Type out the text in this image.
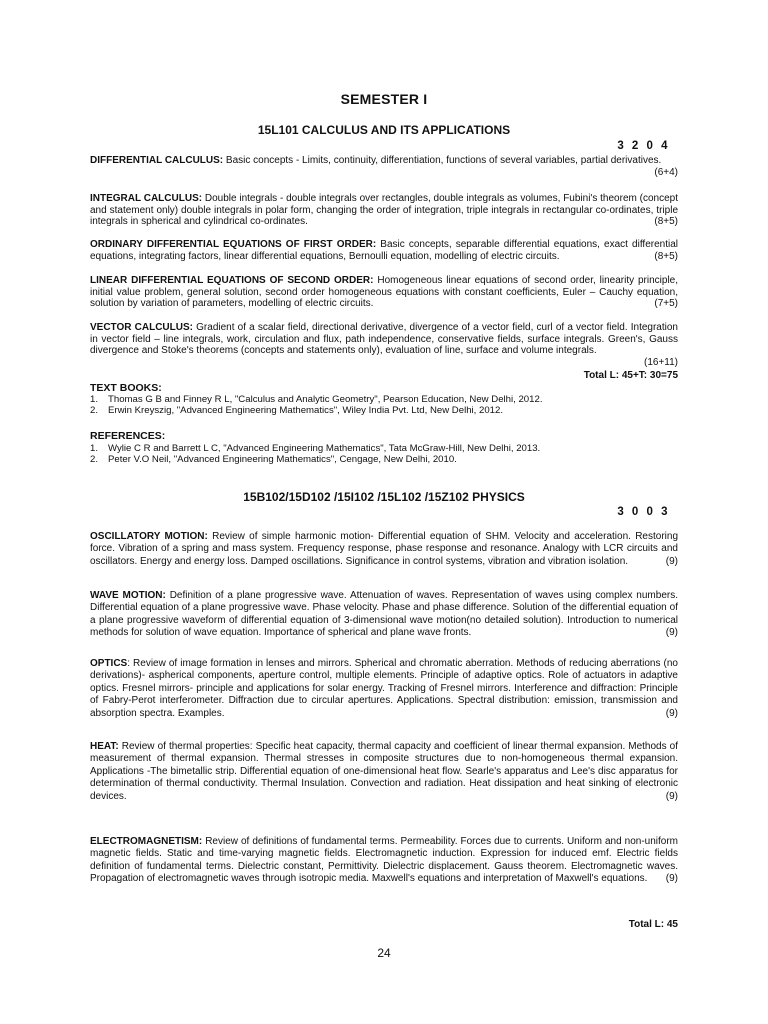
SEMESTER I
15L101 CALCULUS AND ITS APPLICATIONS
3 2 0 4

DIFFERENTIAL CALCULUS: Basic concepts - Limits, continuity, differentiation, functions of several variables, partial derivatives.

(6+4)

INTEGRAL CALCULUS: Double integrals - double integrals over rectangles, double integrals as volumes, Fubini's theorem (concept and statement only) double integrals in polar form, changing the order of integration, triple integrals in rectangular co-ordinates, triple integrals in spherical and cylindrical co-ordinates.	(8+5)

ORDINARY DIFFERENTIAL EQUATIONS OF FIRST ORDER: Basic concepts, separable differential equations, exact differential equations, integrating factors, linear differential equations, Bernoulli equation, modelling of electric circuits.	(8+5)

LINEAR DIFFERENTIAL EQUATIONS OF SECOND ORDER: Homogeneous linear equations of second order, linearity principle, initial value problem, general solution, second order homogeneous equations with constant coefficients, Euler – Cauchy equation, solution by variation of parameters, modelling of electric circuits.	(7+5)

VECTOR CALCULUS: Gradient of a scalar field, directional derivative, divergence of a vector field, curl of a vector field. Integration in vector field – line integrals, work, circulation and flux, path independence, conservative fields, surface integrals. Green's, Gauss divergence and Stoke's theorems (concepts and statements only), evaluation of line, surface and volume integrals.

(16+11)
Total L: 45+T: 30=75
TEXT BOOKS:
1.	Thomas G B and Finney R L, "Calculus and Analytic Geometry", Pearson Education, New Delhi, 2012.
2.	Erwin Kreyszig, "Advanced Engineering Mathematics", Wiley India Pvt. Ltd, New Delhi, 2012.
REFERENCES:
1.	Wylie C R and Barrett L C, "Advanced Engineering Mathematics", Tata McGraw-Hill, New Delhi, 2013.
2.	Peter V.O Neil, "Advanced Engineering Mathematics", Cengage, New Delhi, 2010.
15B102/15D102 /15I102 /15L102 /15Z102 PHYSICS
3 0 0 3

OSCILLATORY MOTION: Review of simple harmonic motion- Differential equation of SHM. Velocity and acceleration. Restoring force. Vibration of a spring and mass system. Frequency response, phase response and resonance. Analogy with LCR circuits and oscillators. Energy and energy loss. Damped oscillations. Significance in control systems, vibration and vibration isolation.	(9)

WAVE MOTION: Definition of a plane progressive wave. Attenuation of waves. Representation of waves using complex numbers. Differential equation of a plane progressive wave. Phase velocity. Phase and phase difference. Solution of the differential equation of a plane progressive waveform of differential equation of 3-dimensional wave motion(no detailed solution). Introduction to numerical methods for solution of wave equation. Importance of spherical and plane wave fronts.	(9)

OPTICS: Review of image formation in lenses and mirrors. Spherical and chromatic aberration. Methods of reducing aberrations (no derivations)- aspherical components, aperture control, multiple elements. Principle of adaptive optics. Role of actuators in adaptive optics. Fresnel mirrors- principle and applications for solar energy. Tracking of Fresnel mirrors. Interference and diffraction: Principle of Fabry-Perot interferometer. Diffraction due to circular apertures. Applications. Spectral distribution: emission, transmission and absorption spectra. Examples.	(9)

HEAT: Review of thermal properties: Specific heat capacity, thermal capacity and coefficient of linear thermal expansion. Methods of measurement of thermal expansion. Thermal stresses in composite structures due to non-homogeneous thermal expansion. Applications -The bimetallic strip. Differential equation of one-dimensional heat flow. Searle's apparatus and Lee's disc apparatus for determination of thermal conductivity. Thermal Insulation. Convection and radiation. Heat dissipation and heat sinking of electronic devices.	(9)

ELECTROMAGNETISM: Review of definitions of fundamental terms. Permeability. Forces due to currents. Uniform and non-uniform magnetic fields. Static and time-varying magnetic fields. Electromagnetic induction. Expression for induced emf. Electric fields definition of fundamental terms. Dielectric constant, Permittivity. Dielectric displacement. Gauss theorem. Electromagnetic waves. Propagation of electromagnetic waves through isotropic media. Maxwell's equations and interpretation of Maxwell's equations. (9)

Total L: 45
24
